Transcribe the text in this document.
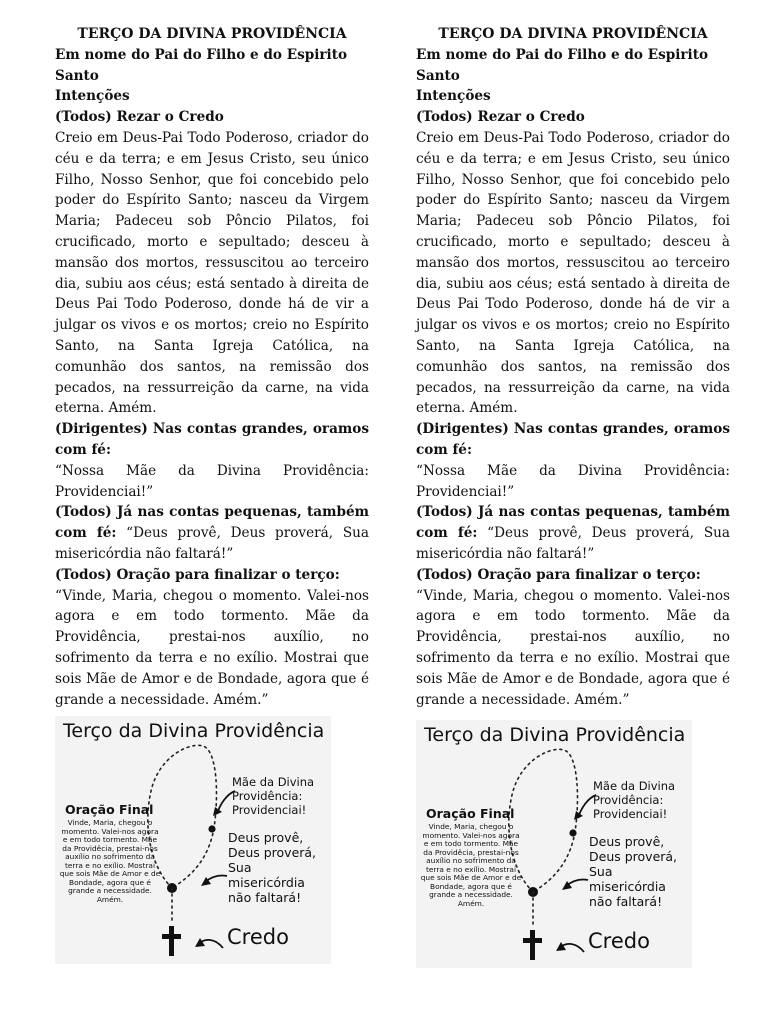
TERÇO DA DIVINA PROVIDÊNCIA

Em nome do Pai do Filho e do Espirito Santo

Intenções

(Todos) Rezar o Credo

Creio em Deus-Pai Todo Poderoso, criador do céu e da terra; e em Jesus Cristo, seu único Filho, Nosso Senhor, que foi concebido pelo poder do Espírito Santo; nasceu da Virgem Maria; Padeceu sob Pôncio Pilatos, foi crucificado, morto e sepultado; desceu à mansão dos mortos, ressuscitou ao terceiro dia, subiu aos céus; está sentado à direita de Deus Pai Todo Poderoso, donde há de vir a julgar os vivos e os mortos; creio no Espírito Santo, na Santa Igreja Católica, na comunhão dos santos, na remissão dos pecados, na ressurreição da carne, na vida eterna. Amém.

(Dirigentes) Nas contas grandes, oramos com fé:

“Nossa Mãe da Divina Providência: Providenciai!”

(Todos) Já nas contas pequenas, também com fé: “Deus provê, Deus proverá, Sua misericórdia não faltará!”

(Todos) Oração para finalizar o terço:

“Vinde, Maria, chegou o momento. Valei-nos agora e em todo tormento. Mãe da Providência, prestai-nos auxílio, no sofrimento da terra e no exílio. Mostrai que sois Mãe de Amor e de Bondade, agora que é grande a necessidade. Amém.”

TERÇO DA DIVINA PROVIDÊNCIA

Em nome do Pai do Filho e do Espirito Santo

Intenções

(Todos) Rezar o Credo

Creio em Deus-Pai Todo Poderoso, criador do céu e da terra; e em Jesus Cristo, seu único Filho, Nosso Senhor, que foi concebido pelo poder do Espírito Santo; nasceu da Virgem Maria; Padeceu sob Pôncio Pilatos, foi crucificado, morto e sepultado; desceu à mansão dos mortos, ressuscitou ao terceiro dia, subiu aos céus; está sentado à direita de Deus Pai Todo Poderoso, donde há de vir a julgar os vivos e os mortos; creio no Espírito Santo, na Santa Igreja Católica, na comunhão dos santos, na remissão dos pecados, na ressurreição da carne, na vida eterna. Amém.

(Dirigentes) Nas contas grandes, oramos com fé:

“Nossa Mãe da Divina Providência: Providenciai!”

(Todos) Já nas contas pequenas, também com fé: “Deus provê, Deus proverá, Sua misericórdia não faltará!”

(Todos) Oração para finalizar o terço:

“Vinde, Maria, chegou o momento. Valei-nos agora e em todo tormento. Mãe da Providência, prestai-nos auxílio, no sofrimento da terra e no exílio. Mostrai que sois Mãe de Amor e de Bondade, agora que é grande a necessidade. Amém.”

Terço da Divina Providência
Mãe da Divina Providência: Providenciai!
Deus provê, Deus proverá, Sua misericórdia não faltará!
Oração Final
Vinde, Maria, chegou o momento. Valei-nos agora e em todo tormento. Mãe da Providêcia, prestai-nos auxílio no sofrimento da terra e no exílio. Mostrai que sois Mãe de Amor e de Bondade, agora que é grande a necessidade. Amém.
Credo
Terço da Divina Providência
Mãe da Divina Providência: Providenciai!
Deus provê, Deus proverá, Sua misericórdia não faltará!
Oração Final
Vinde, Maria, chegou o momento. Valei-nos agora e em todo tormento. Mãe da Providêcia, prestai-nos auxílio no sofrimento da terra e no exílio. Mostrai que sois Mãe de Amor e de Bondade, agora que é grande a necessidade. Amém.
Credo
